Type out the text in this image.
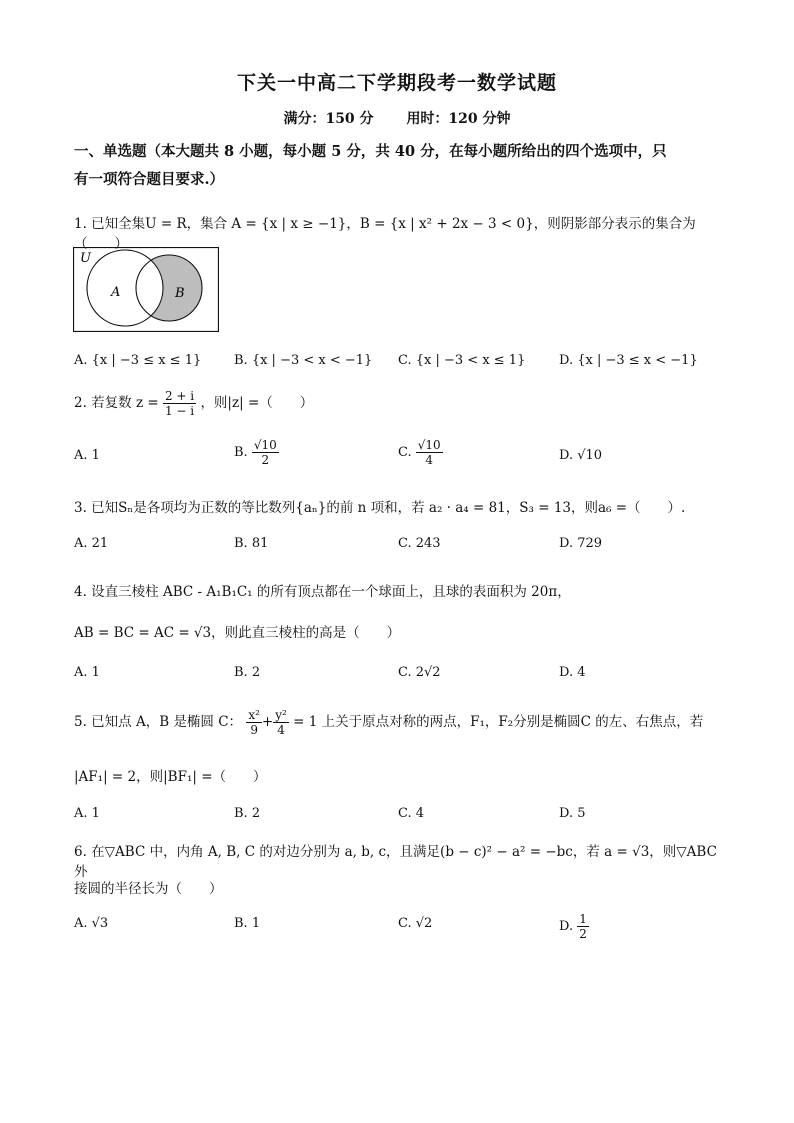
下关一中高二下学期段考一数学试题
满分：150 分 用时：120 分钟
一、单选题（本大题共 8 小题，每小题 5 分，共 40 分，在每小题所给出的四个选项中，只
有一项符合题目要求.）
1. 已知全集U = R，集合 A = {x | x ≥ −1}，B = {x | x² + 2x − 3 < 0}，则阴影部分表示的集合为（　　）
U
A	B
A. {x | −3 ≤ x ≤ 1}	B. {x | −3 < x < −1} C. {x | −3 < x ≤ 1}	D. {x | −3 ≤ x < −1}
2. 若复数 $z = \frac{2 + i}{1 - i}$ ，则|z| =（　　）
A. 1	B. $\frac{√10}{2}$	C. $\frac{√10}{4}$	D. √10
3. 已知Sₙ是各项均为正数的等比数列{aₙ}的前 n 项和，若 a₂ · a₄ = 81，S₃ = 13，则a₆ =（　　）.
A. 21	B. 81	C. 243	D. 729
4. 设直三棱柱 ABC - A₁B₁C₁ 的所有顶点都在一个球面上，且球的表面积为 20π，
AB = BC = AC = √3，则此直三棱柱的高是（　　）
A. 1	B. 2	C. 2√2	D. 4
5. 已知点 A，B 是椭圆 C： $\frac{\text{x²}}{9} + \frac{\text{y²}}{4} = 1$ 上关于原点对称的两点，F₁，F₂分别是椭圆C 的左、右焦点，若
|AF₁| = 2，则|BF₁| =（　　）
A. 1	B. 2	C. 4	D. 5
6. 在▽ABC 中，内角 A, B, C 的对边分别为 a, b, c，且满足(b − c)² − a² = −bc，若 a = √3，则▽ABC 外
接圆的半径长为（　　）
A. √3	B. 1	C. √2	D. $\frac{1}{2}$
